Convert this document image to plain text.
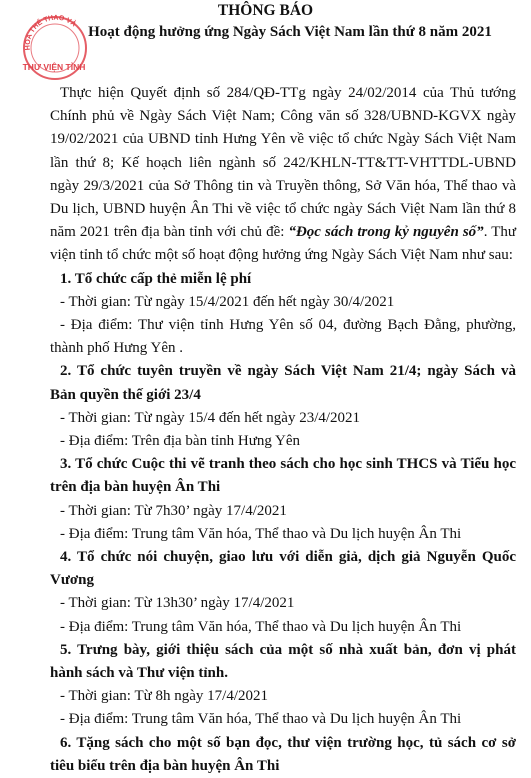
HÓA THỂ THAO VÀ
THƯ VIỆN TỈNH
THÔNG BÁO
Hoạt động hưởng ứng Ngày Sách Việt Nam lần thứ 8 năm 2021

Thực hiện Quyết định số 284/QĐ-TTg ngày 24/02/2014 của Thủ tướng Chính phủ về Ngày Sách Việt Nam; Công văn số 328/UBND-KGVX ngày 19/02/2021 của UBND tỉnh Hưng Yên về việc tổ chức Ngày Sách Việt Nam lần thứ 8; Kế hoạch liên ngành số 242/KHLN-TT&TT-VHTTDL-UBND ngày 29/3/2021 của Sở Thông tin và Truyền thông, Sở Văn hóa, Thể thao và Du lịch, UBND huyện Ân Thi về việc tổ chức ngày Sách Việt Nam lần thứ 8 năm 2021 trên địa bàn tỉnh với chủ đề: “Đọc sách trong kỷ nguyên số”. Thư viện tỉnh tổ chức một số hoạt động hưởng ứng Ngày Sách Việt Nam như sau:

1. Tổ chức cấp thẻ miễn lệ phí

- Thời gian: Từ ngày 15/4/2021 đến hết ngày 30/4/2021

- Địa điểm: Thư viện tỉnh Hưng Yên số 04, đường Bạch Đằng, phường, thành phố Hưng Yên .

2. Tổ chức tuyên truyền về ngày Sách Việt Nam 21/4; ngày Sách và Bản quyền thế giới 23/4

- Thời gian: Từ ngày 15/4 đến hết ngày 23/4/2021

- Địa điểm: Trên địa bàn tỉnh Hưng Yên

3. Tổ chức Cuộc thi vẽ tranh theo sách cho học sinh THCS và Tiểu học trên địa bàn huyện Ân Thi

- Thời gian: Từ 7h30’ ngày 17/4/2021

- Địa điểm: Trung tâm Văn hóa, Thể thao và Du lịch huyện Ân Thi

4. Tổ chức nói chuyện, giao lưu với diễn giả, dịch giả Nguyễn Quốc Vương

- Thời gian: Từ 13h30’ ngày 17/4/2021

- Địa điểm: Trung tâm Văn hóa, Thể thao và Du lịch huyện Ân Thi

5. Trưng bày, giới thiệu sách của một số nhà xuất bản, đơn vị phát hành sách và Thư viện tỉnh.

- Thời gian: Từ 8h ngày 17/4/2021

- Địa điểm: Trung tâm Văn hóa, Thể thao và Du lịch huyện Ân Thi

6. Tặng sách cho một số bạn đọc, thư viện trường học, tủ sách cơ sở tiêu biểu trên địa bàn huyện Ân Thi
